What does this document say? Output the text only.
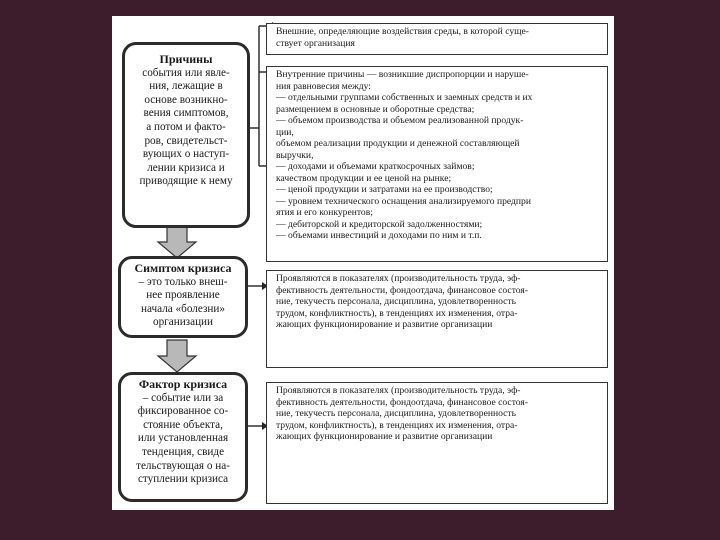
Причины
события или явле-
ния, лежащие в
основе возникно-
вения симптомов,
а потом и факто-
ров, свидетельст-
вующих о наступ-
лении кризиса и
приводящие к нему
Симптом кризиса
– это только внеш-
нее проявление
начала «болезни»
организации
Фактор кризиса
– событие или за
фиксированное со-
стояние объекта,
или установленная
тенденция, свиде
тельствующая о на-
ступлении кризиса
Внешние, определяющие воздействия среды, в которой суще-
ствует организация
Внутренние причины — возникшие диспропорции и наруше-
ния равновесия между:
— отдельными группами собственных и заемных средств и их
размещением в основные и оборотные средства;
— объемом производства и объемом реализованной продук-
ции,
объемом реализации продукции и денежной составляющей
выручки,
— доходами и объемами краткосрочных займов;
качеством продукции и ее ценой на рынке;
— ценой продукции и затратами на ее производство;
— уровнем технического оснащения анализируемого предпри
ятия и его конкурентов;
— дебиторской и кредиторской задолженностями;
— объемами инвестиций и доходами по ним и т.п.
Проявляются в показателях (производительность труда, эф-
фективность деятельности, фондоотдача, финансовое состоя-
ние, текучесть персонала, дисциплина, удовлетворенность
трудом, конфликтность), в тенденциях их изменения, отра-
жающих функционирование и развитие организации
Проявляются в показателях (производительность труда, эф-
фективность деятельности, фондоотдача, финансовое состоя-
ние, текучесть персонала, дисциплина, удовлетворенность
трудом, конфликтность), в тенденциях их изменения, отра-
жающих функционирование и развитие организации
